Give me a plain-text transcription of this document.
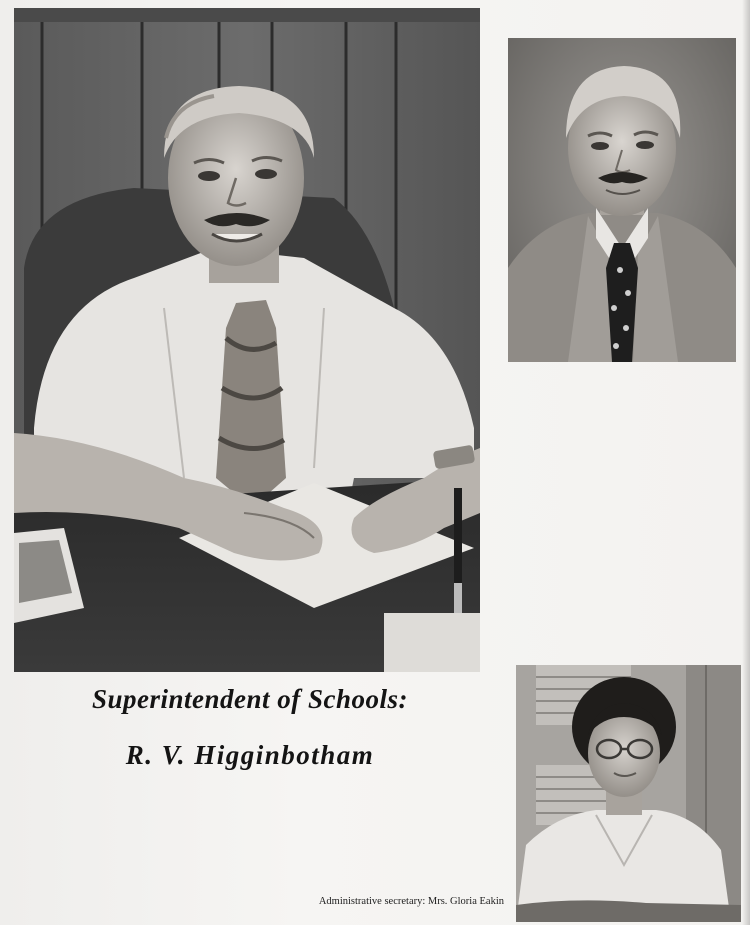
Superintendent of Schools:
R. V. Higginbotham
Administrative secretary: Mrs. Gloria Eakin
